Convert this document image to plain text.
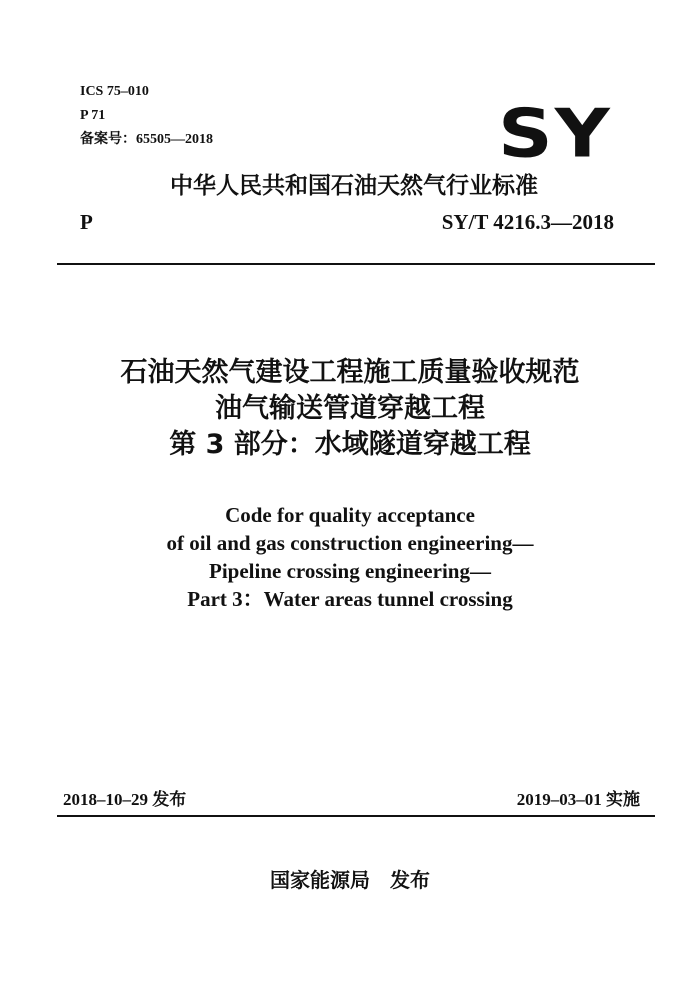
ICS 75–010
P 71
备案号：65505—2018	SY
中华人民共和国石油天然气行业标准
P	SY/T 4216.3—2018
石油天然气建设工程施工质量验收规范
油气输送管道穿越工程
第 3 部分：水域隧道穿越工程
Code for quality acceptance
of oil and gas construction engineering—
Pipeline crossing engineering—
Part 3：Water areas tunnel crossing
2018–10–29 发布	2019–03–01 实施
国家能源局　发布
